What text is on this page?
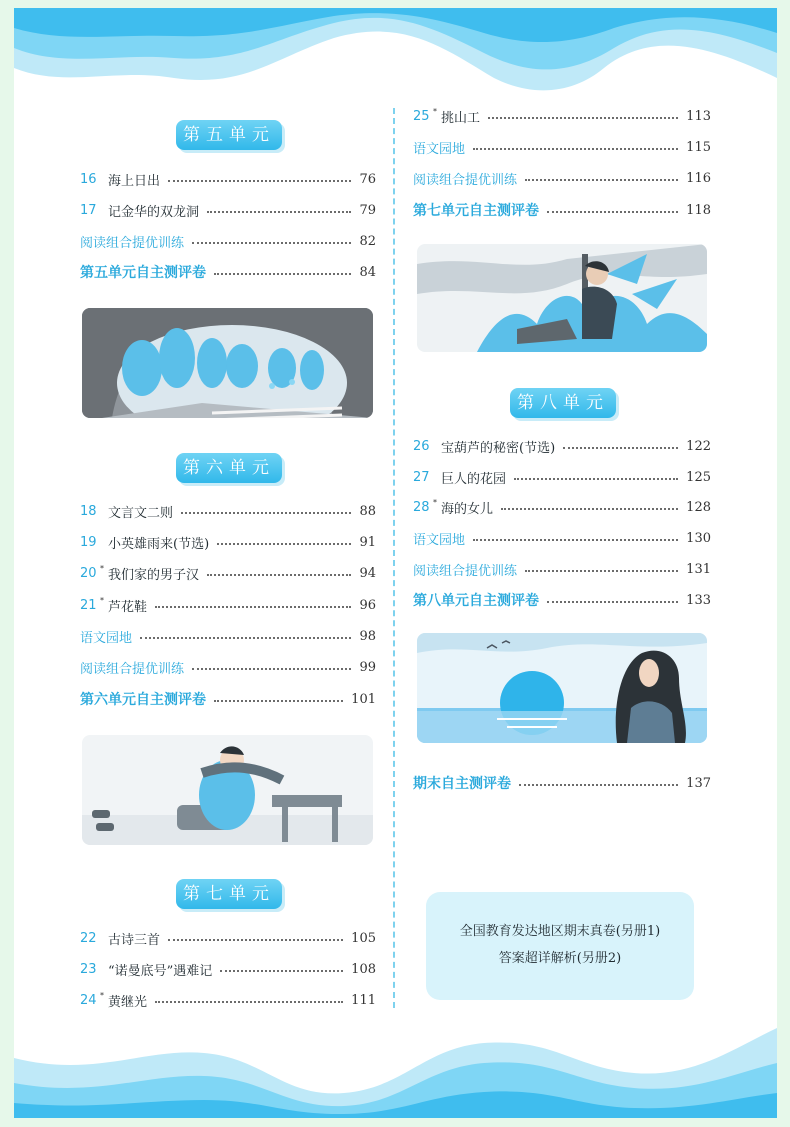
第五单元
16 海上日出	76
17 记金华的双龙洞	79
阅读组合提优训练	82
第五单元自主测评卷	84
第六单元
18 文言文二则	88
19 小英雄雨来(节选)	91
20 * 我们家的男子汉	94
21 * 芦花鞋	96
语文园地	98
阅读组合提优训练	99
第六单元自主测评卷	101
第七单元
22 古诗三首	105
23 “诺曼底号”遇难记	108
24 * 黄继光	111
25 * 挑山工	113
语文园地	115
阅读组合提优训练	116
第七单元自主测评卷	118
第八单元
26 宝葫芦的秘密(节选)	122
27 巨人的花园	125
28 * 海的女儿	128
语文园地	130
阅读组合提优训练	131
第八单元自主测评卷	133
期末自主测评卷	137
全国教育发达地区期末真卷(另册1)
答案超详解析(另册2)
